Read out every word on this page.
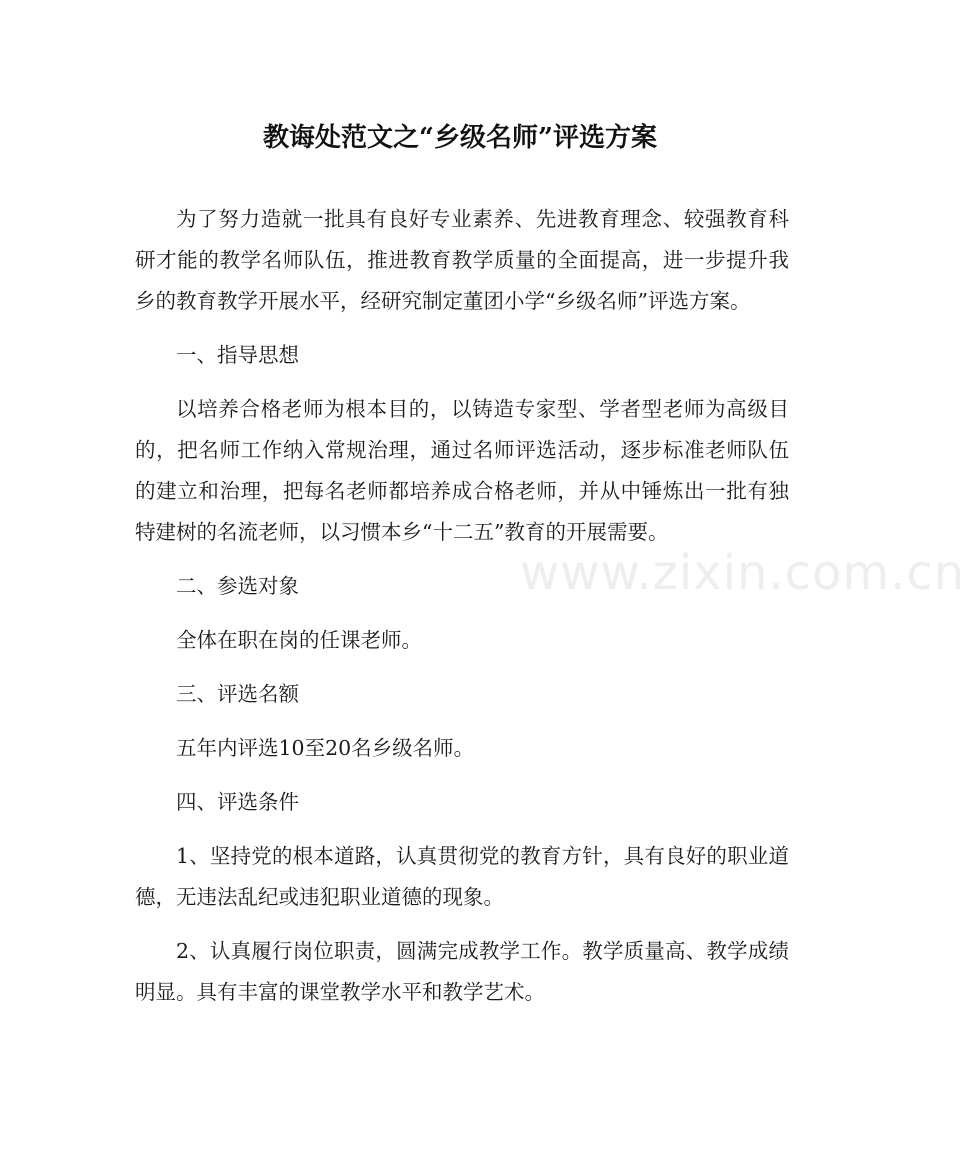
教诲处范文之“乡级名师”评选方案

为了努力造就一批具有良好专业素养、先进教育理念、较强教育科研才能的教学名师队伍，推进教育教学质量的全面提高，进一步提升我乡的教育教学开展水平，经研究制定董团小学“乡级名师”评选方案。

一、指导思想

以培养合格老师为根本目的，以铸造专家型、学者型老师为高级目的，把名师工作纳入常规治理，通过名师评选活动，逐步标准老师队伍的建立和治理，把每名老师都培养成合格老师，并从中锤炼出一批有独特建树的名流老师，以习惯本乡“十二五”教育的开展需要。

二、参选对象

全体在职在岗的任课老师。

三、评选名额

五年内评选10至20名乡级名师。

四、评选条件

1、坚持党的根本道路，认真贯彻党的教育方针，具有良好的职业道德，无违法乱纪或违犯职业道德的现象。

2、认真履行岗位职责，圆满完成教学工作。教学质量高、教学成绩明显。具有丰富的课堂教学水平和教学艺术。

www.zixin.com.cn
